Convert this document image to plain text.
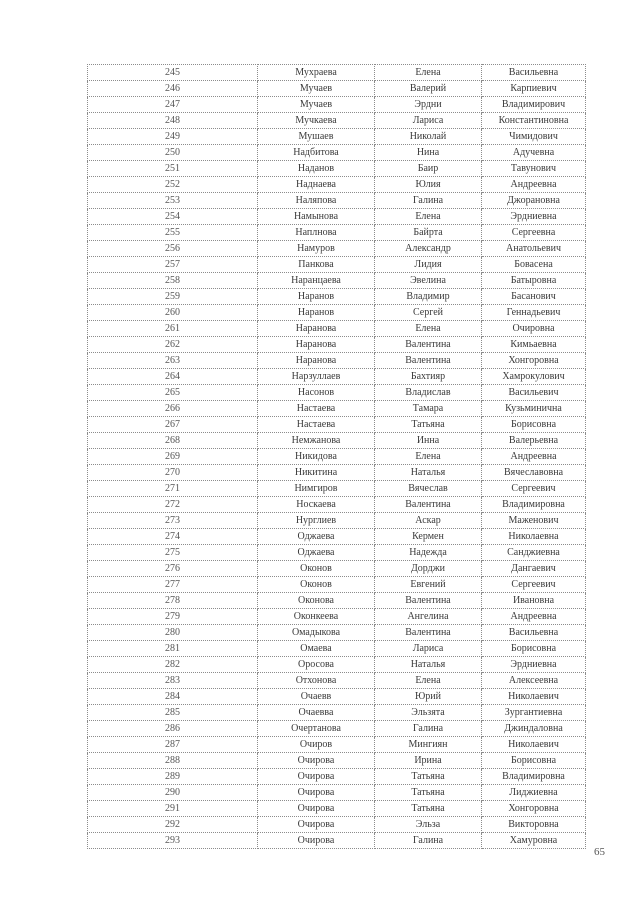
245	Мухраева	Елена	Васильевна
246	Мучаев	Валерий	Карпиевич
247	Мучаев	Эрдни	Владимирович
248	Мучкаева	Лариса	Константиновна
249	Мушаев	Николай	Чимидович
250	Надбитова	Нина	Адучевна
251	Наданов	Баир	Тавунович
252	Наднаева	Юлия	Андреевна
253	Наляпова	Галина	Джорановна
254	Намынова	Елена	Эрдниевна
255	Наплнова	Байрта	Сергеевна
256	Намуров	Александр	Анатольевич
257	Панкова	Лидия	Бовасена
258	Наранцаева	Эвелина	Батыровна
259	Наранов	Владимир	Басанович
260	Наранов	Сергей	Геннадьевич
261	Наранова	Елена	Очировна
262	Наранова	Валентина	Кимьаевна
263	Наранова	Валентина	Хонгоровна
264	Нарзуллаев	Бахтияр	Хамрокулович
265	Насонов	Владислав	Васильевич
266	Настаева	Тамара	Кузьминична
267	Настаева	Татьяна	Борисовна
268	Немжанова	Инна	Валерьевна
269	Никидова	Елена	Андреевна
270	Никитина	Наталья	Вячеславовна
271	Нимгиров	Вячеслав	Сергеевич
272	Носкаева	Валентина	Владимировна
273	Нурглиев	Аскар	Маженович
274	Оджаева	Кермен	Николаевна
275	Оджаева	Надежда	Санджиевна
276	Оконов	Дорджи	Дангаевич
277	Оконов	Евгений	Сергеевич
278	Оконова	Валентина	Ивановна
279	Оконкеева	Ангелина	Андреевна
280	Омадыкова	Валентина	Васильевна
281	Омаева	Лариса	Борисовна
282	Оросова	Наталья	Эрдниевна
283	Отхонова	Елена	Алексеевна
284	Очаевв	Юрий	Николаевич
285	Очаевва	Эльзята	Зургантиевна
286	Очертанова	Галина	Джиндаловна
287	Очиров	Мингиян	Николаевич
288	Очирова	Ирина	Борисовна
289	Очирова	Татьяна	Владимировна
290	Очирова	Татьяна	Лиджиевна
291	Очирова	Татьяна	Хонгоровна
292	Очирова	Эльза	Викторовна
293	Очирова	Галина	Хамуровна
65
